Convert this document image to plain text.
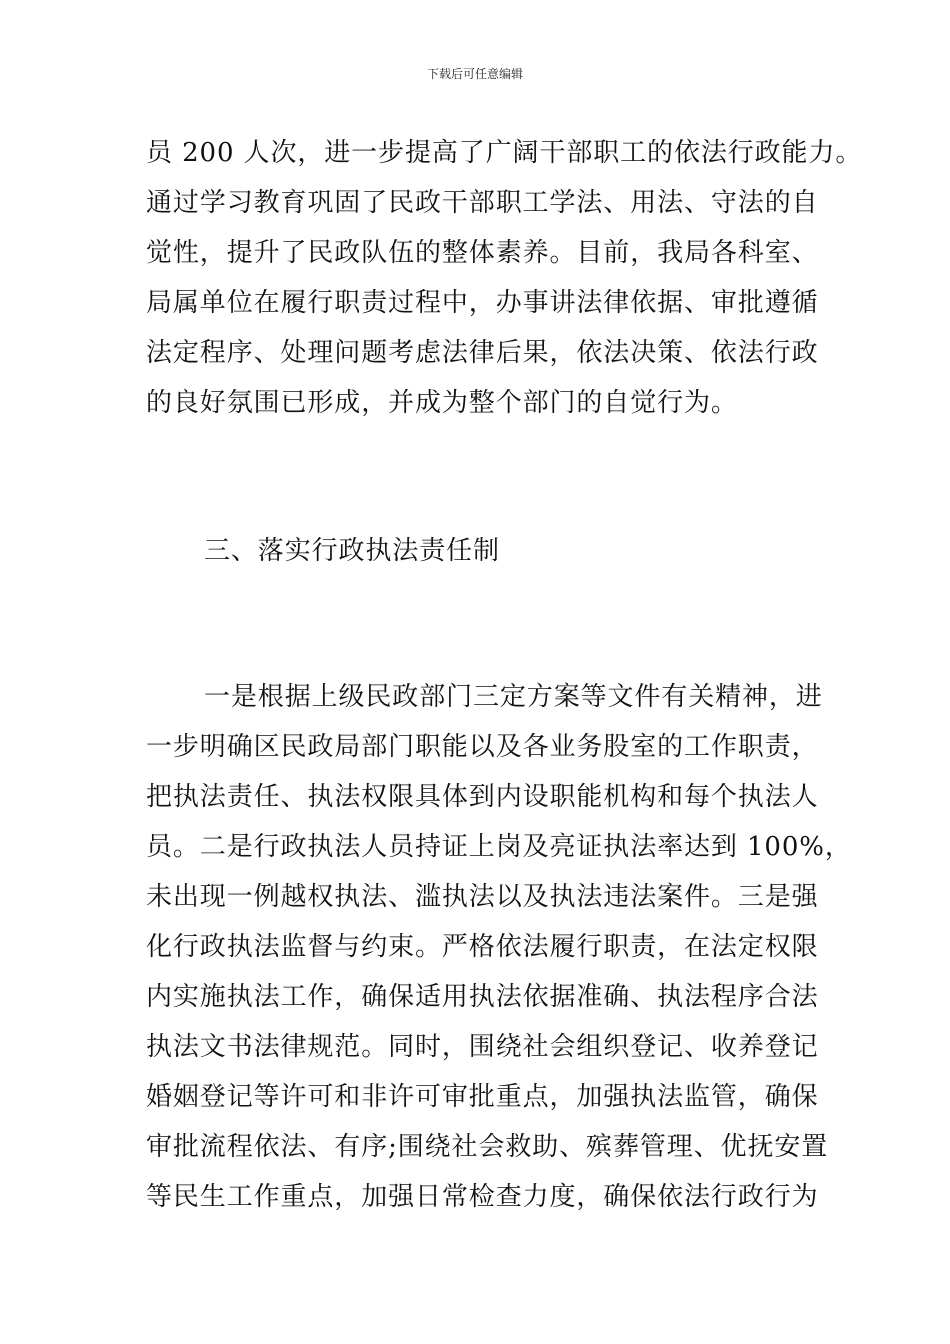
下载后可任意编辑

员 200 人次，进一步提高了广阔干部职工的依法行政能力。
通过学习教育巩固了民政干部职工学法、用法、守法的自
觉性，提升了民政队伍的整体素养。目前，我局各科室、
局属单位在履行职责过程中，办事讲法律依据、审批遵循
法定程序、处理问题考虑法律后果，依法决策、依法行政
的良好氛围已形成，并成为整个部门的自觉行为。

三、落实行政执法责任制

一是根据上级民政部门三定方案等文件有关精神，进
一步明确区民政局部门职能以及各业务股室的工作职责，
把执法责任、执法权限具体到内设职能机构和每个执法人
员。二是行政执法人员持证上岗及亮证执法率达到 100%，
未出现一例越权执法、滥执法以及执法违法案件。三是强
化行政执法监督与约束。严格依法履行职责，在法定权限
内实施执法工作，确保适用执法依据准确、执法程序合法
执法文书法律规范。同时，围绕社会组织登记、收养登记
婚姻登记等许可和非许可审批重点，加强执法监管，确保
审批流程依法、有序;围绕社会救助、殡葬管理、优抚安置
等民生工作重点，加强日常检查力度，确保依法行政行为
